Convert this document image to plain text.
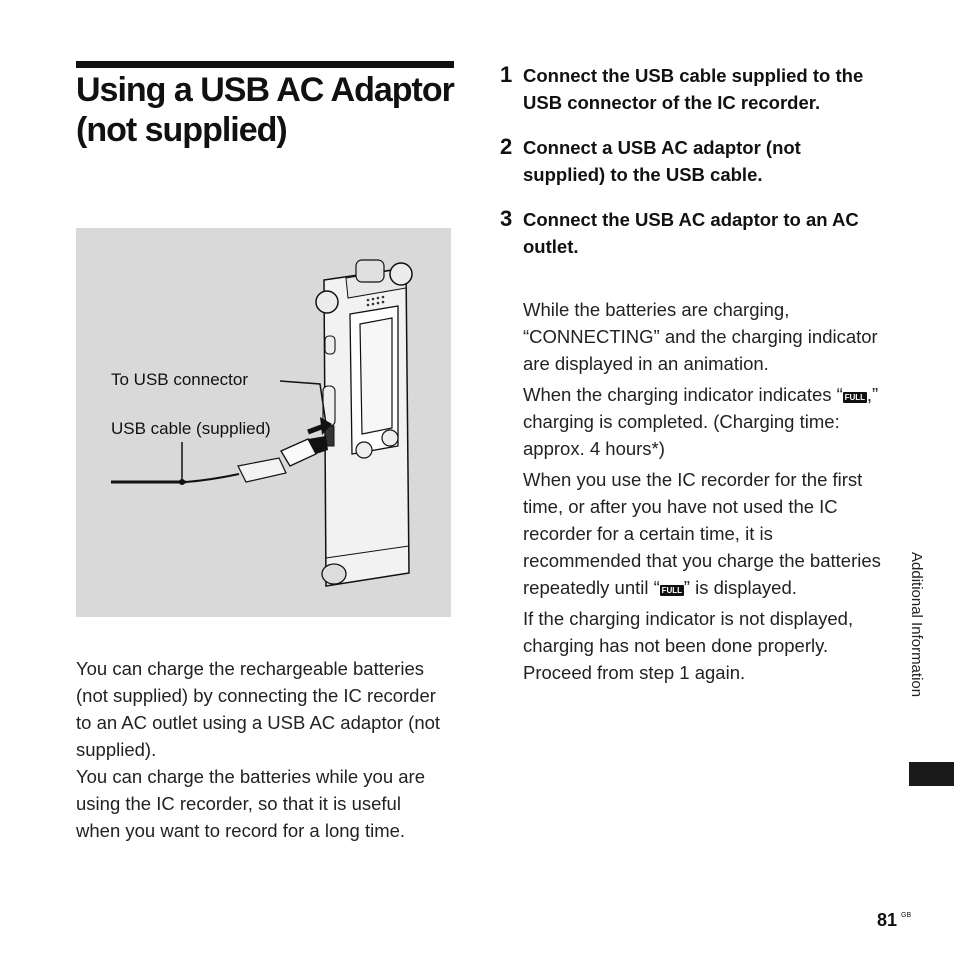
Using a USB AC Adaptor (not supplied)
To USB connector
USB cable (supplied)

You can charge the rechargeable batteries (not supplied) by connecting the IC recorder to an AC outlet using a USB AC adaptor (not supplied).

You can charge the batteries while you are using the IC recorder, so that it is useful when you want to record for a long time.

1 Connect the USB cable supplied to the USB connector of the IC recorder.
2 Connect a USB AC adaptor (not supplied) to the USB cable.
3 Connect the USB AC adaptor to an AC outlet.

While the batteries are charging, “CONNECTING” and the charging indicator are displayed in an animation.

When the charging indicator indicates “ FULL,” charging is completed. (Charging time: approx. 4 hours*)

When you use the IC recorder for the first time, or after you have not used the IC recorder for a certain time, it is recommended that you charge the batteries repeatedly until “ FULL” is displayed.

If the charging indicator is not displayed, charging has not been done properly. Proceed from step 1 again.	Additional Information
81 GB
